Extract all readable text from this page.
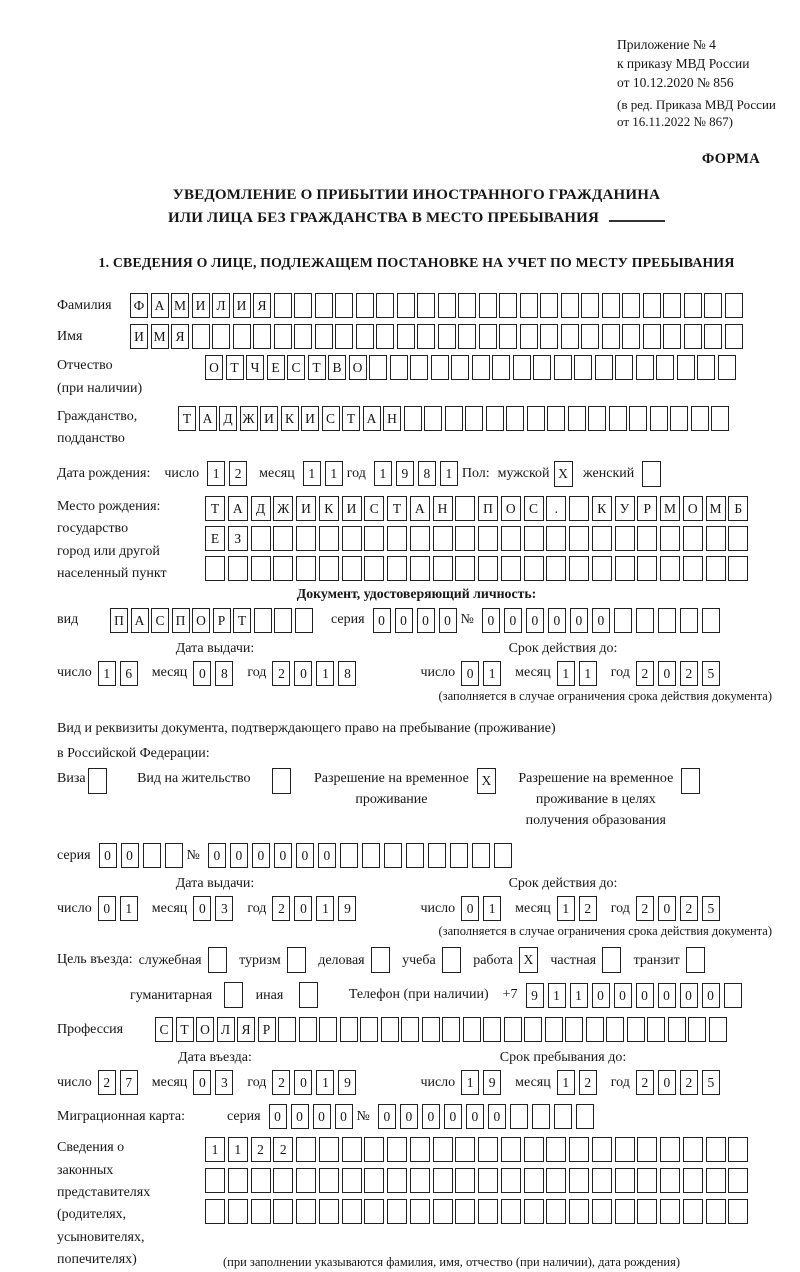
Приложение № 4
к приказу МВД России
от 10.12.2020 № 856
(в ред. Приказа МВД России
от 16.11.2022 № 867)
ФОРМА
УВЕДОМЛЕНИЕ О ПРИБЫТИИ ИНОСТРАННОГО ГРАЖДАНИНА
ИЛИ ЛИЦА БЕЗ ГРАЖДАНСТВА В МЕСТО ПРЕБЫВАНИЯ
1. СВЕДЕНИЯ О ЛИЦЕ, ПОДЛЕЖАЩЕМ ПОСТАНОВКЕ НА УЧЕТ ПО МЕСТУ ПРЕБЫВАНИЯ
Фамилия	Ф А М И Л И Я
Имя	И М Я
Отчество
(при наличии)
О Т Ч Е С Т В О
Гражданство,
подданство
Т А Д Ж И К И С Т А Н
Дата рождения: число	1	2	месяц	1	1 год	1	9	8	1 Пол: мужской X	женский
Место рождения:
государство
город или другой
населенный пункт
Т	А Д Ж И К И С	Т	А Н	П О С	.	К У	Р М О М Б

Е	З

Документ, удостоверяющий личность:
вид	П А С П О Р Т	серия	0	0	0	0 №	0	0	0	0	0	0
Дата выдачи:	Срок действия до:
число 1	6	месяц 0	8	год 2	0	1	8	число 0	1	месяц 1	1	год 2	0	2	5
(заполняется в случае ограничения срока действия документа)
Вид и реквизиты документа, подтверждающего право на пребывание (проживание)
в Российской Федерации:
Виза	Вид на жительство	Разрешение на временное
проживание
X	Разрешение на временное
проживание в целях
получения образования
серия	0	0	№	0	0	0	0	0	0
Дата выдачи:	Срок действия до:
число 0	1	месяц 0	3	год 2	0	1	9	число 0	1	месяц 1	2	год 2	0	2	5
(заполняется в случае ограничения срока действия документа)
Цель въезда: служебная	туризм	деловая	учеба	работа X	частная	транзит
гуманитарная	иная	Телефон (при наличии) +7	9	1	1	0	0	0	0	0	0
Профессия	С Т О Л Я Р
Дата въезда:	Срок пребывания до:
число 2	7	месяц 0	3	год 2	0	1	9	число 1	9	месяц 1	2	год 2	0	2	5
Миграционная карта:	серия	0	0	0	0 №	0	0	0	0	0	0
Сведения о
законных
представителях
(родителях,
усыновителях,
попечителях)
1	1	2	2

(при заполнении указываются фамилия, имя, отчество (при наличии), дата рождения)
